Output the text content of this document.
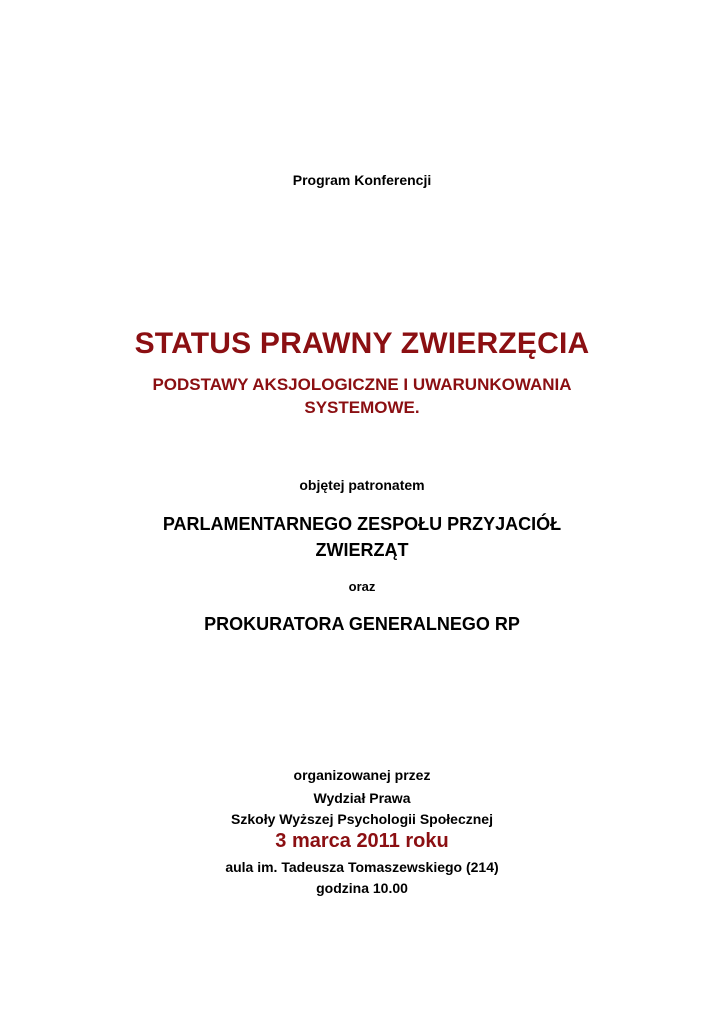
Program Konferencji

STATUS PRAWNY ZWIERZĘCIA

PODSTAWY AKSJOLOGICZNE I UWARUNKOWANIA
SYSTEMOWE.

objętej patronatem

PARLAMENTARNEGO ZESPOŁU PRZYJACIÓŁ
ZWIERZĄT

oraz

PROKURATORA GENERALNEGO RP

organizowanej przez

Wydział Prawa

Szkoły Wyższej Psychologii Społecznej

3 marca 2011 roku

aula im. Tadeusza Tomaszewskiego (214)

godzina 10.00
